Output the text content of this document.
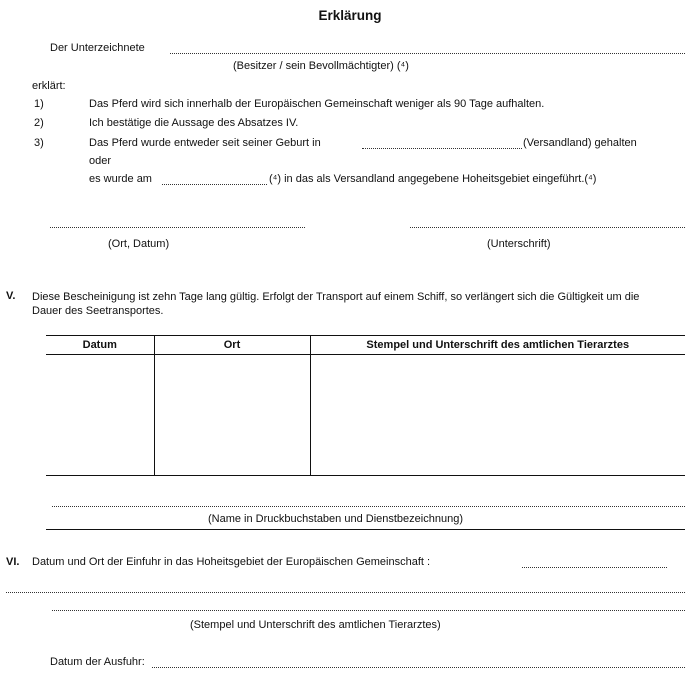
Erklärung
Der Unterzeichnete
(Besitzer / sein Bevollmächtigter) (⁴)
erklärt:
1)	Das Pferd wird sich innerhalb der Europäischen Gemeinschaft weniger als 90 Tage aufhalten.
2)	Ich bestätige die Aussage des Absatzes IV.
3)	Das Pferd wurde entweder seit seiner Geburt in	(Versandland) gehalten
oder
es wurde am	(⁴) in das als Versandland angegebene Hoheitsgebiet eingeführt.(⁴)
(Ort, Datum)	(Unterschrift)
V. Diese Bescheinigung ist zehn Tage lang gültig. Erfolgt der Transport auf einem Schiff, so verlängert sich die Gültigkeit um die Dauer des Seetransportes.
Datum	Ort	Stempel und Unterschrift des amtlichen Tierarztes

(Name in Druckbuchstaben und Dienstbezeichnung)
VI. Datum und Ort der Einfuhr in das Hoheitsgebiet der Europäischen Gemeinschaft :
(Stempel und Unterschrift des amtlichen Tierarztes)
Datum der Ausfuhr:
